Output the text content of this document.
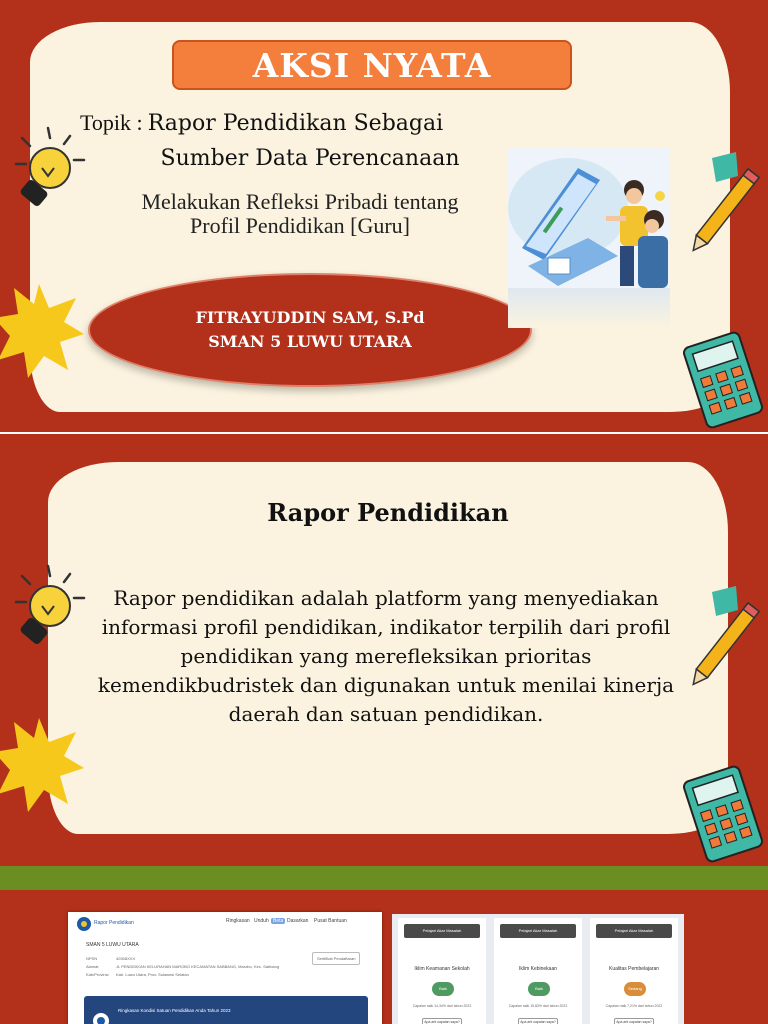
AKSI NYATA
Topik : Rapor Pendidikan Sebagai
Sumber Data Perencanaan
Melakukan Refleksi Pribadi tentang
Profil Pendidikan [Guru]
FITRAYUDDIN SAM, S.Pd
SMAN 5 LUWU UTARA
Rapor Pendidikan
Rapor pendidikan adalah platform yang menyediakan
informasi profil pendidikan, indikator terpilih dari profil
pendidikan yang merefleksikan prioritas
kemendikbudristek dan digunakan untuk menilai kinerja
daerah dan satuan pendidikan.
Rapor Pendidikan	Ringkasan Unduh Beta Dasarkan Pusat Bantuan
SMAN 5 LUWU UTARA
NPSN	40308XXX
Alamat	JL PENDIDIKAN KELURAHAN MAROBO KECAMATAN SABBANG, Marobo, Kec. Sabbang
Kab/Provinsi Kab. Luwu Utara, Prov. Sulawesi Selatan
Sertifikat Pendaftaran
Ringkasan Kondisi Satuan Pendidikan Anda Tahun 2023
Pelajari Akar Masalah
Iklim Keamanan Sekolah
Baik
Capaian naik 14,34% dari tahun 2022
Apa arti capaian saya?
Pelajari Akar Masalah
Iklim Kebinekaan
Baik
Capaian naik 15,83% dari tahun 2022
Apa arti capaian saya?
Pelajari Akar Masalah
Kualitas Pembelajaran
Sedang
Capaian naik 7,21% dari tahun 2022
Apa arti capaian saya?
